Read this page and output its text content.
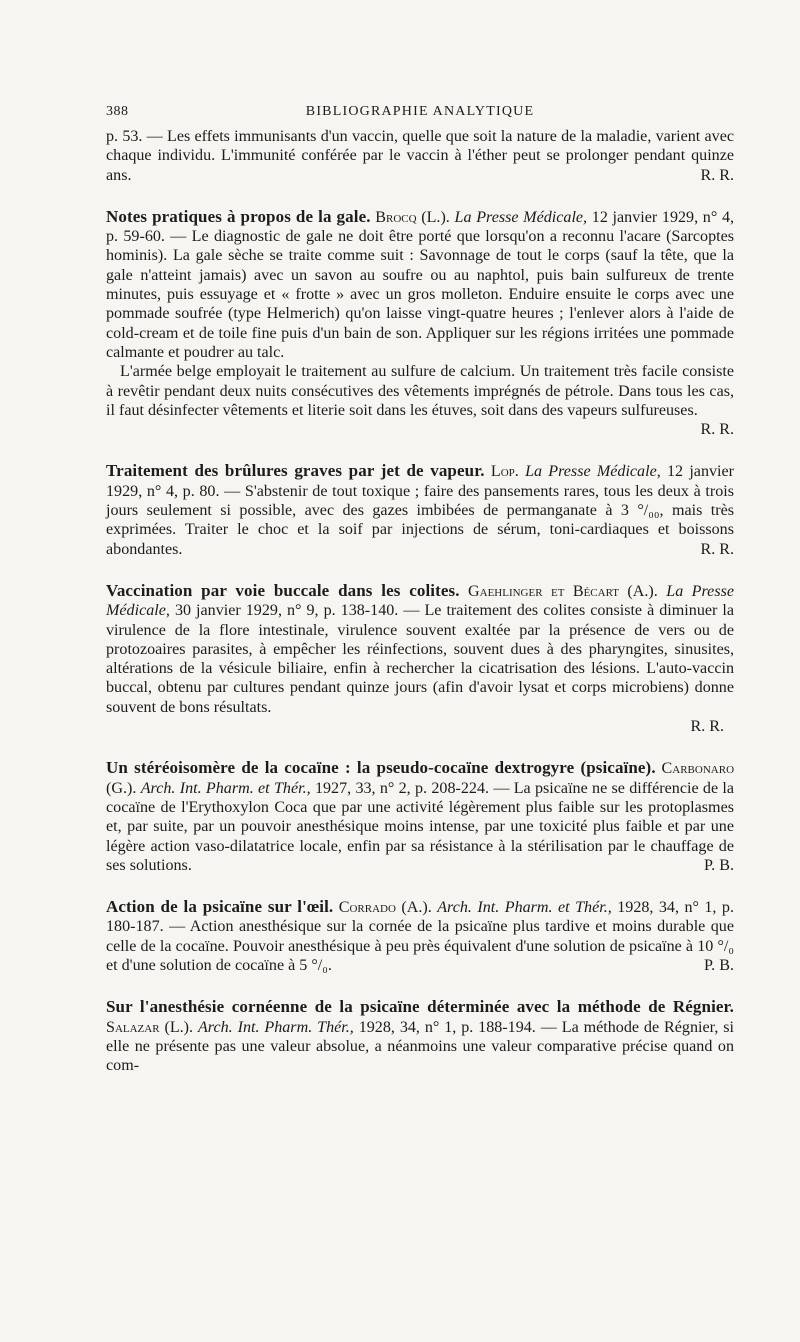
388	BIBLIOGRAPHIE ANALYTIQUE

p. 53. — Les effets immunisants d'un vaccin, quelle que soit la nature de la maladie, varient avec chaque individu. L'immunité conférée par le vaccin à l'éther peut se prolonger pendant quinze ans.	R. R.

Notes pratiques à propos de la gale. Brocq (L.). La Presse Médicale, 12 janvier 1929, n° 4, p. 59-60. — Le diagnostic de gale ne doit être porté que lorsqu'on a reconnu l'acare (Sarcoptes hominis). La gale sèche se traite comme suit : Savonnage de tout le corps (sauf la tête, que la gale n'atteint jamais) avec un savon au soufre ou au naphtol, puis bain sulfureux de trente minutes, puis essuyage et « frotte » avec un gros molleton. Enduire ensuite le corps avec une pommade soufrée (type Helmerich) qu'on laisse vingt-quatre heures ; l'enlever alors à l'aide de cold-cream et de toile fine puis d'un bain de son. Appliquer sur les régions irritées une pommade calmante et poudrer au talc.

L'armée belge employait le traitement au sulfure de calcium. Un traitement très facile consiste à revêtir pendant deux nuits consécutives des vêtements imprégnés de pétrole. Dans tous les cas, il faut désinfecter vêtements et literie soit dans les étuves, soit dans des vapeurs sulfureuses.
R. R.

Traitement des brûlures graves par jet de vapeur. Lop. La Presse Médicale, 12 janvier 1929, n° 4, p. 80. — S'abstenir de tout toxique ; faire des pansements rares, tous les deux à trois jours seulement si possible, avec des gazes imbibées de permanganate à 3 °/₀₀, mais très exprimées. Traiter le choc et la soif par injections de sérum, toni-cardiaques et boissons abondantes.	R. R.

Vaccination par voie buccale dans les colites. Gaehlinger et Bécart (A.). La Presse Médicale, 30 janvier 1929, n° 9, p. 138-140. — Le traitement des colites consiste à diminuer la virulence de la flore intestinale, virulence souvent exaltée par la présence de vers ou de protozoaires parasites, à empêcher les réinfections, souvent dues à des pharyngites, sinusites, altérations de la vésicule biliaire, enfin à rechercher la cicatrisation des lésions. L'auto-vaccin buccal, obtenu par cultures pendant quinze jours (afin d'avoir lysat et corps microbiens) donne souvent de bons résultats.

R. R.

Un stéréoisomère de la cocaïne : la pseudo-cocaïne dextrogyre (psicaïne). Carbonaro (G.). Arch. Int. Pharm. et Thér., 1927, 33, n° 2, p. 208-224. — La psicaïne ne se différencie de la cocaïne de l'Erythoxylon Coca que par une activité légèrement plus faible sur les protoplasmes et, par suite, par un pouvoir anesthésique moins intense, par une toxicité plus faible et par une légère action vaso-dilatatrice locale, enfin par sa résistance à la stérilisation par le chauffage de ses solutions.	P. B.

Action de la psicaïne sur l'œil. Corrado (A.). Arch. Int. Pharm. et Thér., 1928, 34, n° 1, p. 180-187. — Action anesthésique sur la cornée de la psicaïne plus tardive et moins durable que celle de la cocaïne. Pouvoir anesthésique à peu près équivalent d'une solution de psicaïne à 10 °/₀ et d'une solution de cocaïne à 5 °/₀.	P. B.

Sur l'anesthésie cornéenne de la psicaïne déterminée avec la méthode de Régnier. Salazar (L.). Arch. Int. Pharm. Thér., 1928, 34, n° 1, p. 188-194. — La méthode de Régnier, si elle ne présente pas une valeur absolue, a néanmoins une valeur comparative précise quand on com-
